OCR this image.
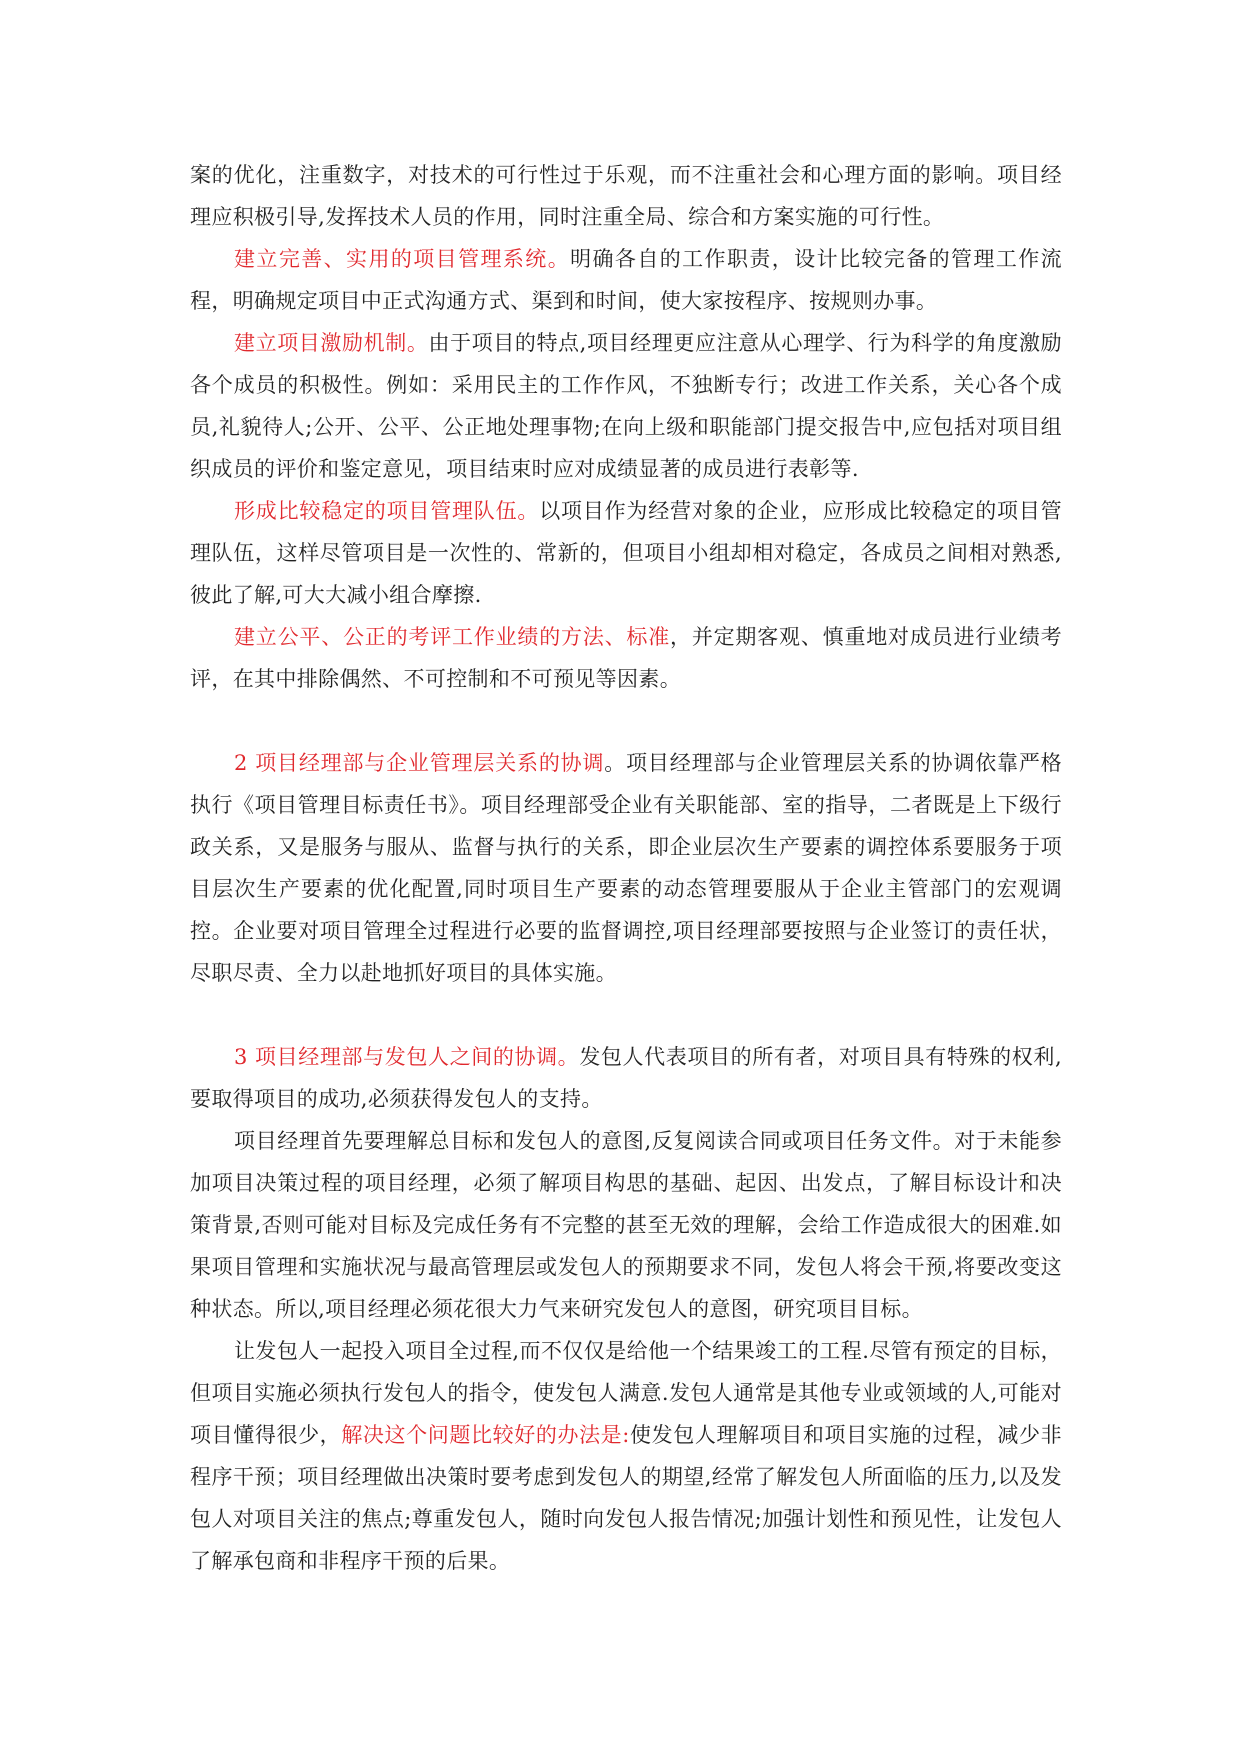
案的优化，注重数字，对技术的可行性过于乐观，而不注重社会和心理方面的影响。项目经理应积极引导,发挥技术人员的作用，同时注重全局、综合和方案实施的可行性。

建立完善、实用的项目管理系统。明确各自的工作职责，设计比较完备的管理工作流程，明确规定项目中正式沟通方式、渠到和时间，使大家按程序、按规则办事。

建立项目激励机制。由于项目的特点,项目经理更应注意从心理学、行为科学的角度激励各个成员的积极性。例如：采用民主的工作作风，不独断专行；改进工作关系，关心各个成员,礼貌待人;公开、公平、公正地处理事物;在向上级和职能部门提交报告中,应包括对项目组织成员的评价和鉴定意见，项目结束时应对成绩显著的成员进行表彰等.

形成比较稳定的项目管理队伍。以项目作为经营对象的企业，应形成比较稳定的项目管理队伍，这样尽管项目是一次性的、常新的，但项目小组却相对稳定，各成员之间相对熟悉,彼此了解,可大大减小组合摩擦.

建立公平、公正的考评工作业绩的方法、标准，并定期客观、慎重地对成员进行业绩考评，在其中排除偶然、不可控制和不可预见等因素。

2 项目经理部与企业管理层关系的协调。项目经理部与企业管理层关系的协调依靠严格执行《项目管理目标责任书》。项目经理部受企业有关职能部、室的指导，二者既是上下级行政关系，又是服务与服从、监督与执行的关系，即企业层次生产要素的调控体系要服务于项目层次生产要素的优化配置,同时项目生产要素的动态管理要服从于企业主管部门的宏观调控。企业要对项目管理全过程进行必要的监督调控,项目经理部要按照与企业签订的责任状，尽职尽责、全力以赴地抓好项目的具体实施。

3 项目经理部与发包人之间的协调。发包人代表项目的所有者，对项目具有特殊的权利,要取得项目的成功,必须获得发包人的支持。

项目经理首先要理解总目标和发包人的意图,反复阅读合同或项目任务文件。对于未能参加项目决策过程的项目经理，必须了解项目构思的基础、起因、出发点，了解目标设计和决策背景,否则可能对目标及完成任务有不完整的甚至无效的理解，会给工作造成很大的困难.如果项目管理和实施状况与最高管理层或发包人的预期要求不同，发包人将会干预,将要改变这种状态。所以,项目经理必须花很大力气来研究发包人的意图，研究项目目标。

让发包人一起投入项目全过程,而不仅仅是给他一个结果竣工的工程.尽管有预定的目标，但项目实施必须执行发包人的指令，使发包人满意.发包人通常是其他专业或领域的人,可能对项目懂得很少，解决这个问题比较好的办法是:使发包人理解项目和项目实施的过程，减少非程序干预；项目经理做出决策时要考虑到发包人的期望,经常了解发包人所面临的压力,以及发包人对项目关注的焦点;尊重发包人，随时向发包人报告情况;加强计划性和预见性，让发包人了解承包商和非程序干预的后果。
